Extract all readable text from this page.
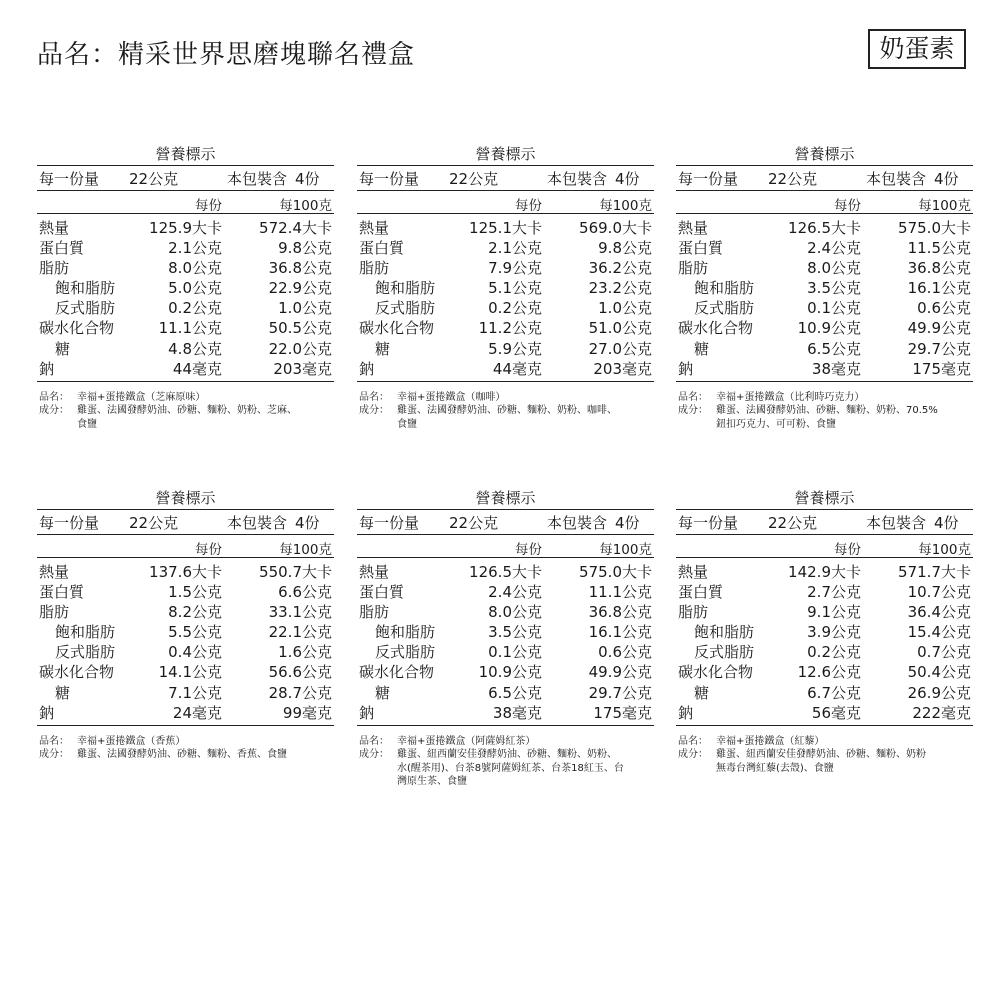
品名：精采世界思磨塊聯名禮盒	奶蛋素
營養標示
每一份量 22公克	本包裝含 4份
每份	每100克
熱量	125.9大卡 572.4大卡
蛋白質	2.1公克	9.8公克
脂肪	8.0公克	36.8公克
飽和脂肪	5.0公克	22.9公克
反式脂肪	0.2公克	1.0公克
碳水化合物	11.1公克	50.5公克
糖	4.8公克	22.0公克
鈉	44毫克	203毫克
品名： 幸福+蛋捲鐵盒（芝麻原味）
成分： 雞蛋、法國發酵奶油、砂糖、麵粉、奶粉、芝麻、
食鹽
營養標示
每一份量 22公克	本包裝含 4份
每份	每100克
熱量	125.1大卡 569.0大卡
蛋白質	2.1公克	9.8公克
脂肪	7.9公克	36.2公克
飽和脂肪	5.1公克	23.2公克
反式脂肪	0.2公克	1.0公克
碳水化合物	11.2公克	51.0公克
糖	5.9公克	27.0公克
鈉	44毫克	203毫克
品名： 幸福+蛋捲鐵盒（咖啡）
成分： 雞蛋、法國發酵奶油、砂糖、麵粉、奶粉、咖啡、
食鹽
營養標示
每一份量 22公克	本包裝含 4份
每份	每100克
熱量	126.5大卡 575.0大卡
蛋白質	2.4公克	11.5公克
脂肪	8.0公克	36.8公克
飽和脂肪	3.5公克	16.1公克
反式脂肪	0.1公克	0.6公克
碳水化合物	10.9公克	49.9公克
糖	6.5公克	29.7公克
鈉	38毫克	175毫克
品名： 幸福+蛋捲鐵盒（比利時巧克力）
成分： 雞蛋、法國發酵奶油、砂糖、麵粉、奶粉、70.5%
鈕扣巧克力、可可粉、食鹽
營養標示
每一份量 22公克	本包裝含 4份
每份	每100克
熱量	137.6大卡 550.7大卡
蛋白質	1.5公克	6.6公克
脂肪	8.2公克	33.1公克
飽和脂肪	5.5公克	22.1公克
反式脂肪	0.4公克	1.6公克
碳水化合物	14.1公克	56.6公克
糖	7.1公克	28.7公克
鈉	24毫克	99毫克
品名： 幸福+蛋捲鐵盒（香蕉）
成分： 雞蛋、法國發酵奶油、砂糖、麵粉、香蕉、食鹽
營養標示
每一份量 22公克	本包裝含 4份
每份	每100克
熱量	126.5大卡 575.0大卡
蛋白質	2.4公克	11.1公克
脂肪	8.0公克	36.8公克
飽和脂肪	3.5公克	16.1公克
反式脂肪	0.1公克	0.6公克
碳水化合物	10.9公克	49.9公克
糖	6.5公克	29.7公克
鈉	38毫克	175毫克
品名： 幸福+蛋捲鐵盒（阿薩姆紅茶）
成分： 雞蛋、紐西蘭安佳發酵奶油、砂糖、麵粉、奶粉、
水(醒茶用)、台茶8號阿薩姆紅茶、台茶18紅玉、台
灣原生茶、食鹽
營養標示
每一份量 22公克	本包裝含 4份
每份	每100克
熱量	142.9大卡 571.7大卡
蛋白質	2.7公克	10.7公克
脂肪	9.1公克	36.4公克
飽和脂肪	3.9公克	15.4公克
反式脂肪	0.2公克	0.7公克
碳水化合物	12.6公克	50.4公克
糖	6.7公克	26.9公克
鈉	56毫克	222毫克
品名： 幸福+蛋捲鐵盒（紅藜）
成分： 雞蛋、紐西蘭安佳發酵奶油、砂糖、麵粉、奶粉
無毒台灣紅藜(去殼)、食鹽
